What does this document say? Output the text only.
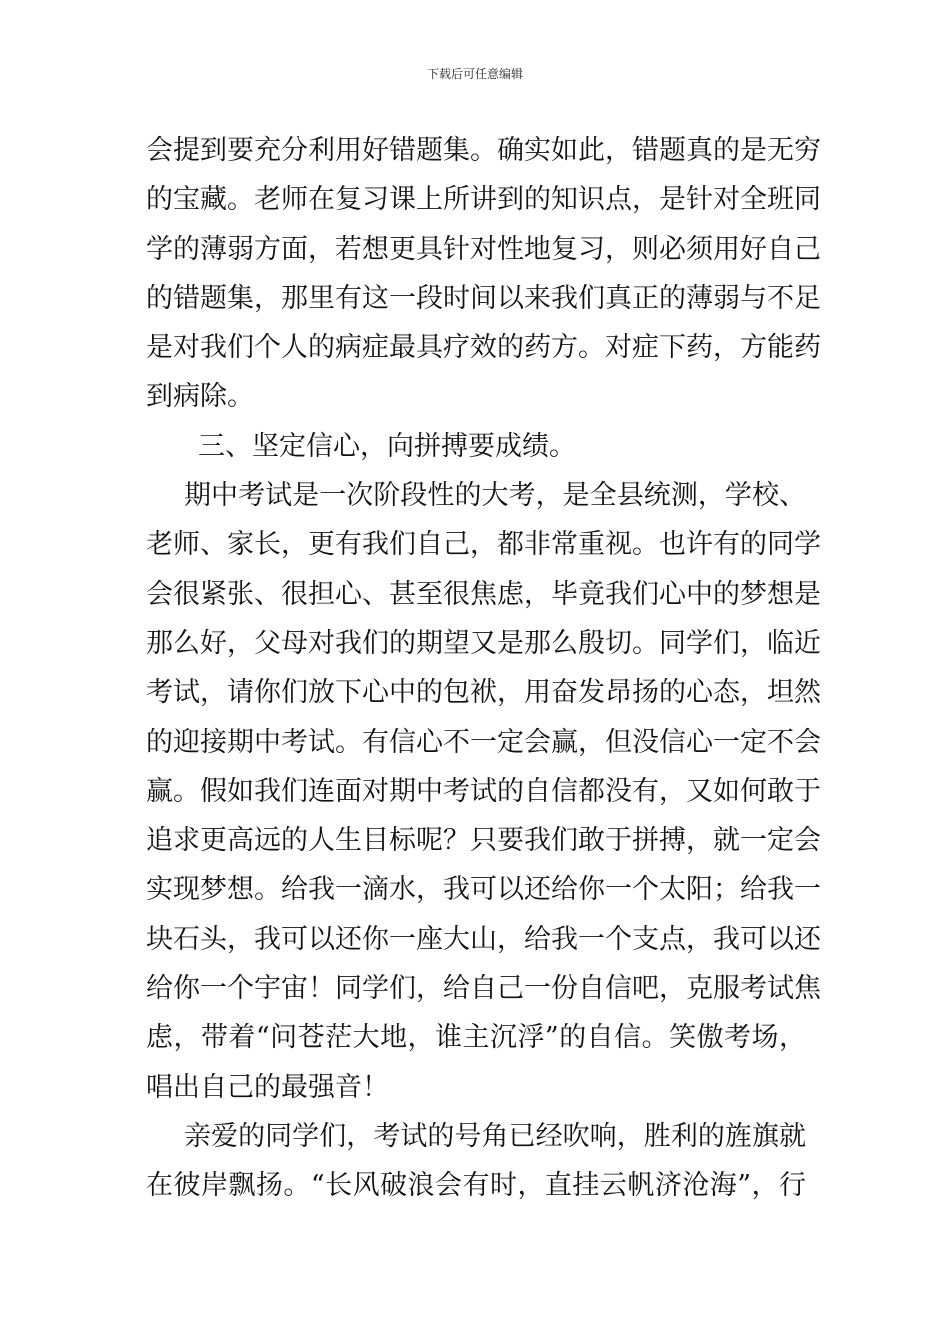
下载后可任意编辑
会提到要充分利用好错题集。确实如此，错题真的是无穷
的宝藏。老师在复习课上所讲到的知识点，是针对全班同
学的薄弱方面，若想更具针对性地复习，则必须用好自己
的错题集，那里有这一段时间以来我们真正的薄弱与不足
是对我们个人的病症最具疗效的药方。对症下药，方能药
到病除。
三、坚定信心，向拼搏要成绩。
期中考试是一次阶段性的大考，是全县统测，学校、
老师、家长，更有我们自己，都非常重视。也许有的同学
会很紧张、很担心、甚至很焦虑，毕竟我们心中的梦想是
那么好，父母对我们的期望又是那么殷切。同学们，临近
考试，请你们放下心中的包袱，用奋发昂扬的心态，坦然
的迎接期中考试。有信心不一定会赢，但没信心一定不会
赢。假如我们连面对期中考试的自信都没有，又如何敢于
追求更高远的人生目标呢？只要我们敢于拼搏，就一定会
实现梦想。给我一滴水，我可以还给你一个太阳；给我一
块石头，我可以还你一座大山，给我一个支点，我可以还
给你一个宇宙！同学们，给自己一份自信吧，克服考试焦
虑，带着“问苍茫大地，谁主沉浮”的自信。笑傲考场，
唱出自己的最强音！
亲爱的同学们，考试的号角已经吹响，胜利的旌旗就
在彼岸飘扬。“长风破浪会有时，直挂云帆济沧海”，行
